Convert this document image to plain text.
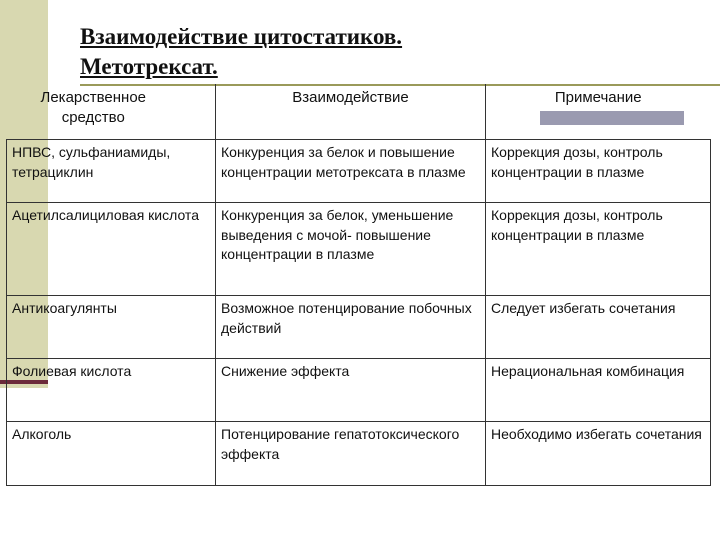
Взаимодействие цитостатиков.
Метотрексат.
Лекарственное средство	Взаимодействие	Примечание
НПВС, сульфаниамиды, тетрациклин	Конкуренция за белок и повышение концентрации метотрексата в плазме	Коррекция дозы, контроль концентрации в плазме
Ацетилсалициловая кислота	Конкуренция за белок, уменьшение выведения с мочой- повышение концентрации в плазме	Коррекция дозы, контроль концентрации в плазме
Антикоагулянты	Возможное потенцирование побочных действий	Следует избегать сочетания
Фолиевая кислота	Снижение эффекта	Нерациональная комбинация
Алкоголь	Потенцирование гепатотоксического эффекта	Необходимо избегать сочетания
